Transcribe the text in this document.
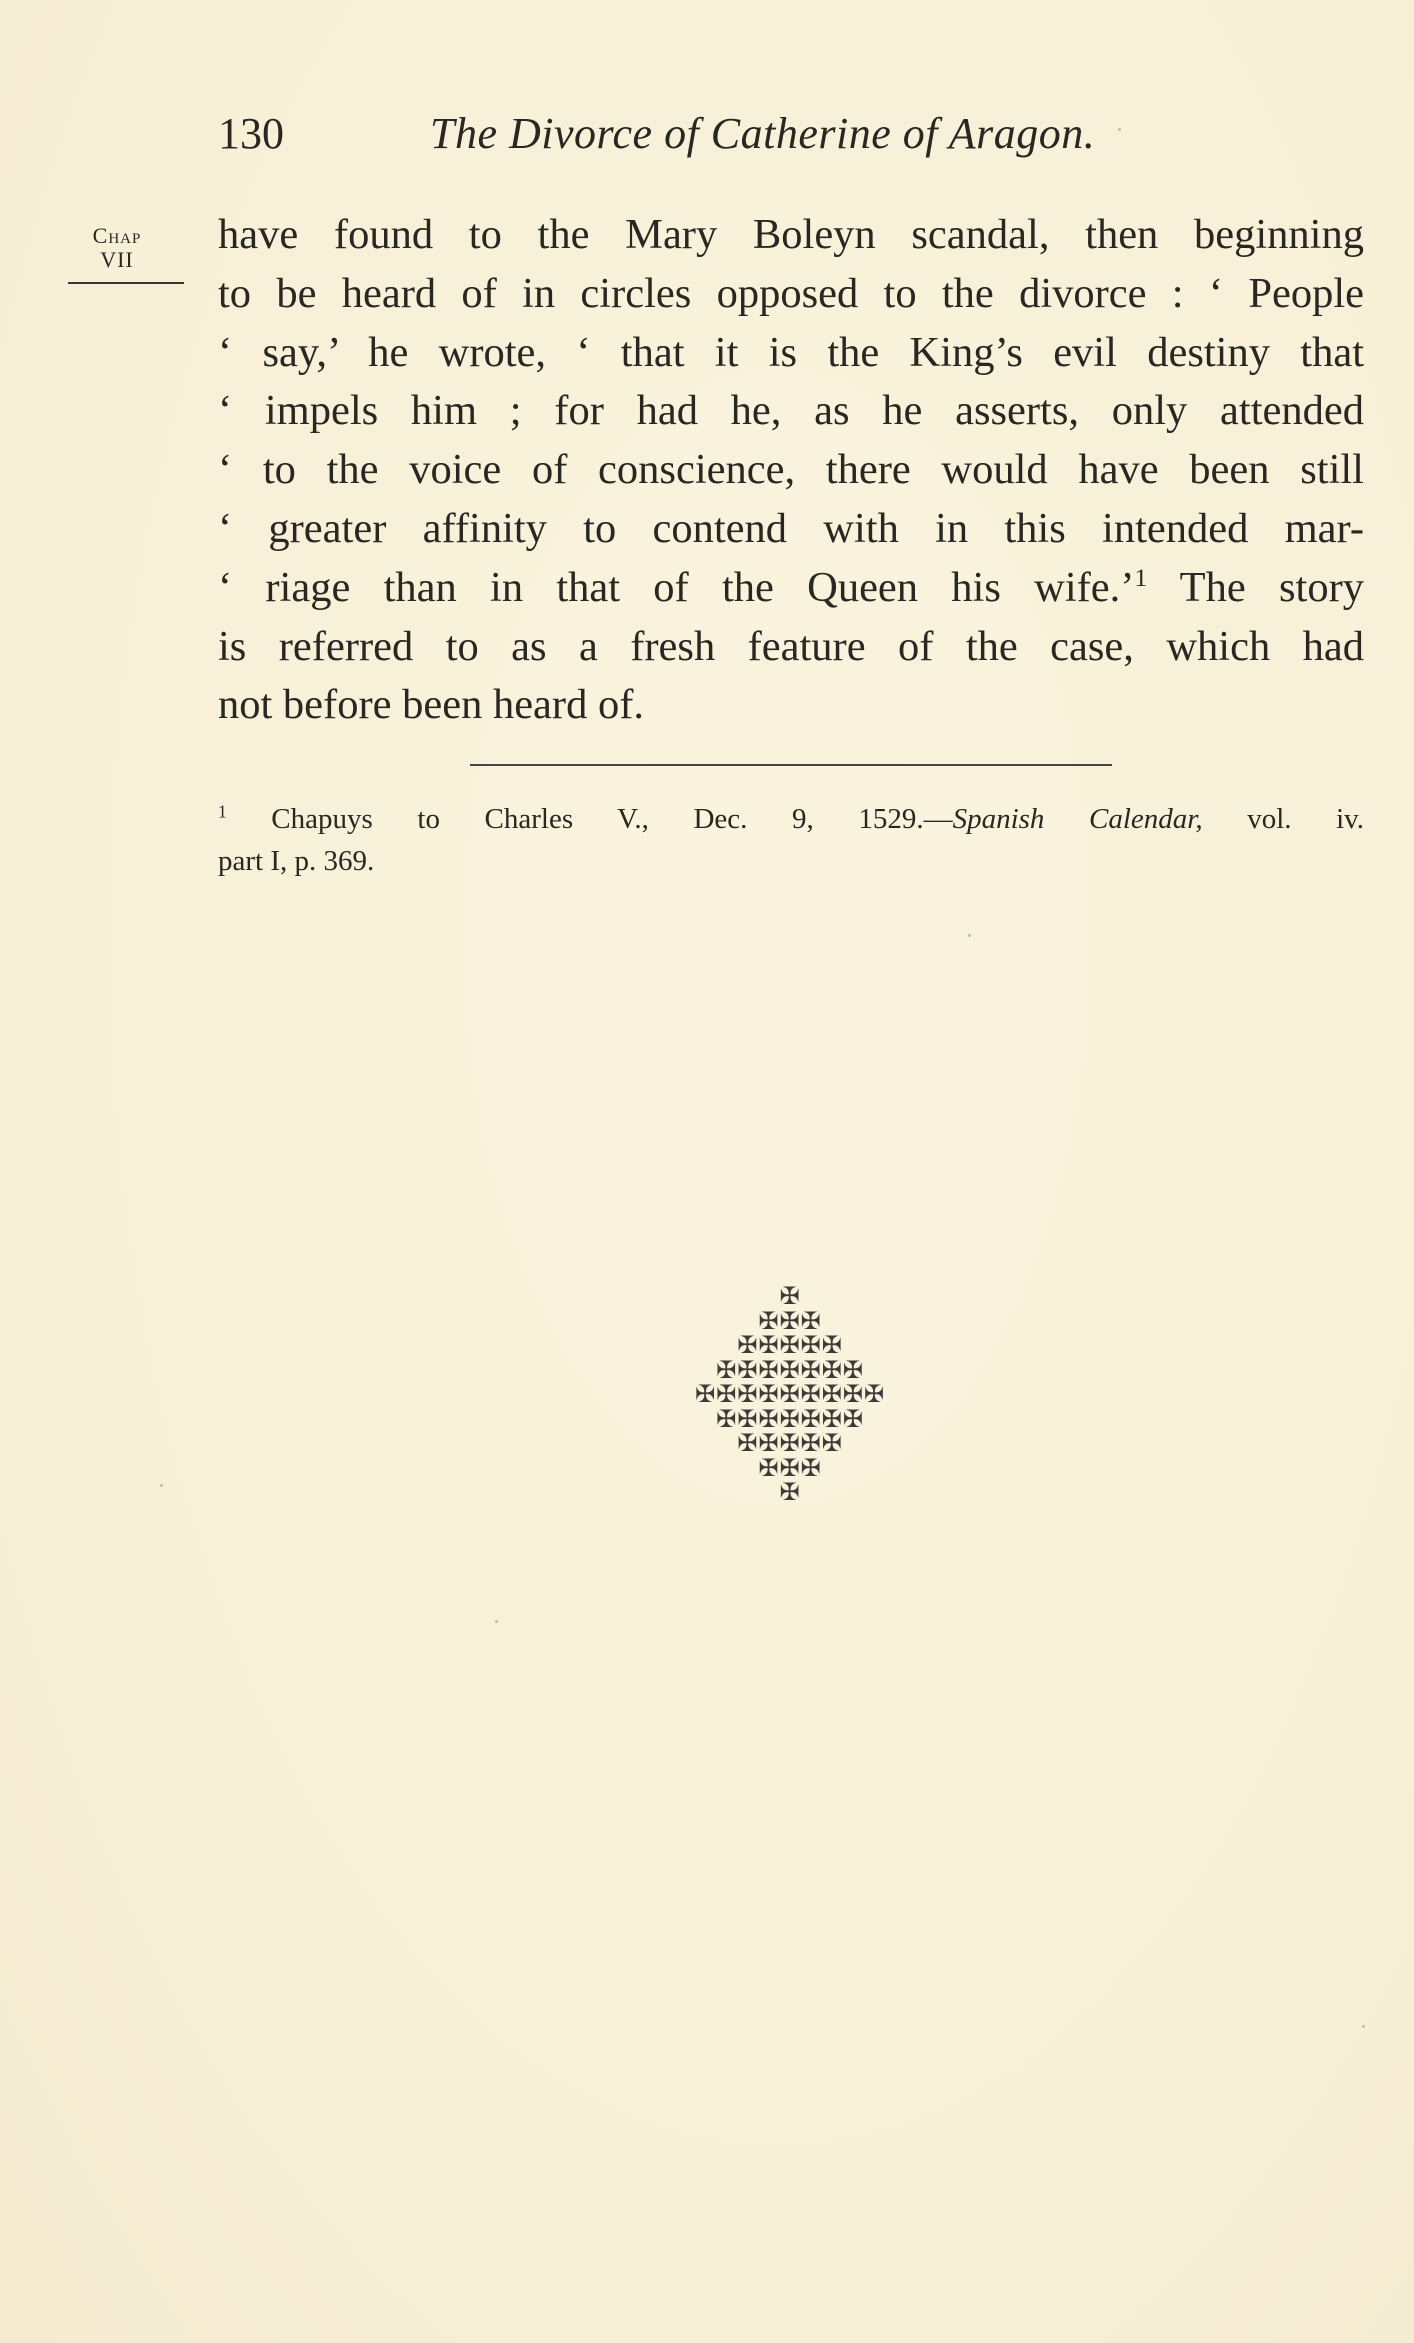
130	The Divorce of Catherine of Aragon.
Chap
VII
have found to the Mary Boleyn scandal, then beginning
to be heard of in circles opposed to the divorce : ‘ People
‘ say,’ he wrote, ‘ that it is the King’s evil destiny that
‘ impels him ; for had he, as he asserts, only attended
‘ to the voice of conscience, there would have been still
‘ greater affinity to contend with in this intended mar-
‘ riage than in that of the Queen his wife.’$^1$ The story
is referred to as a fresh feature of the case, which had
not before been heard of.
$^1$ Chapuys to Charles V., Dec. 9, 1529.—Spanish Calendar, vol. iv.
part I, p. 369.
✠
✠✠✠
✠✠✠✠✠
✠✠✠✠✠✠✠
✠✠✠✠✠✠✠✠✠
✠✠✠✠✠✠✠
✠✠✠✠✠
✠✠✠
✠
